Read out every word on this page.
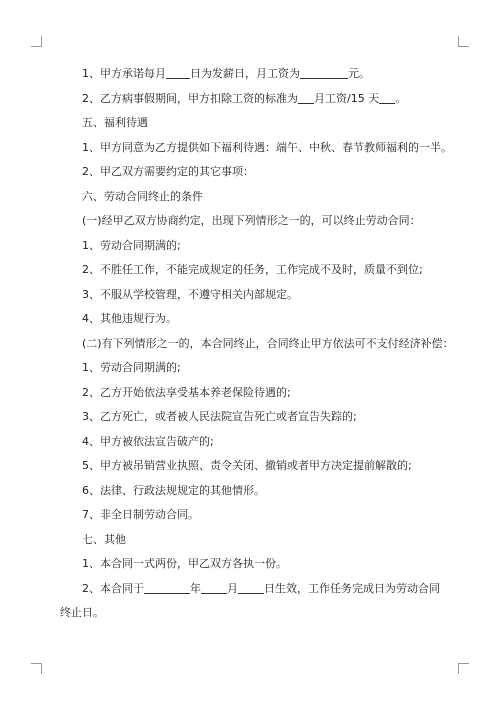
1、甲方承诺每月 日为发薪日，月工资为	元。

2、乙方病事假期间，甲方扣除工资的标准为 月工资/15 天 。

五、福利待遇

1、甲方同意为乙方提供如下福利待遇：端午、中秋、春节教师福利的一半。

2、甲乙双方需要约定的其它事项：

六、劳动合同终止的条件

(一)经甲乙双方协商约定，出现下列情形之一的，可以终止劳动合同：

1、劳动合同期满的;

2、不胜任工作，不能完成规定的任务，工作完成不及时，质量不到位;

3、不服从学校管理，不遵守相关内部规定。

4、其他违规行为。

(二)有下列情形之一的，本合同终止，合同终止甲方依法可不支付经济补偿：

1、劳动合同期满的;

2、乙方开始依法享受基本养老保险待遇的;

3、乙方死亡，或者被人民法院宣告死亡或者宣告失踪的;

4、甲方被依法宣告破产的;

5、甲方被吊销营业执照、责令关闭、撤销或者甲方决定提前解散的;

6、法律、行政法规规定的其他情形。

7、非全日制劳动合同。

七、其他

1、本合同一式两份，甲乙双方各执一份。

2、本合同于	年 月 日生效，工作任务完成日为劳动合同终止日。
